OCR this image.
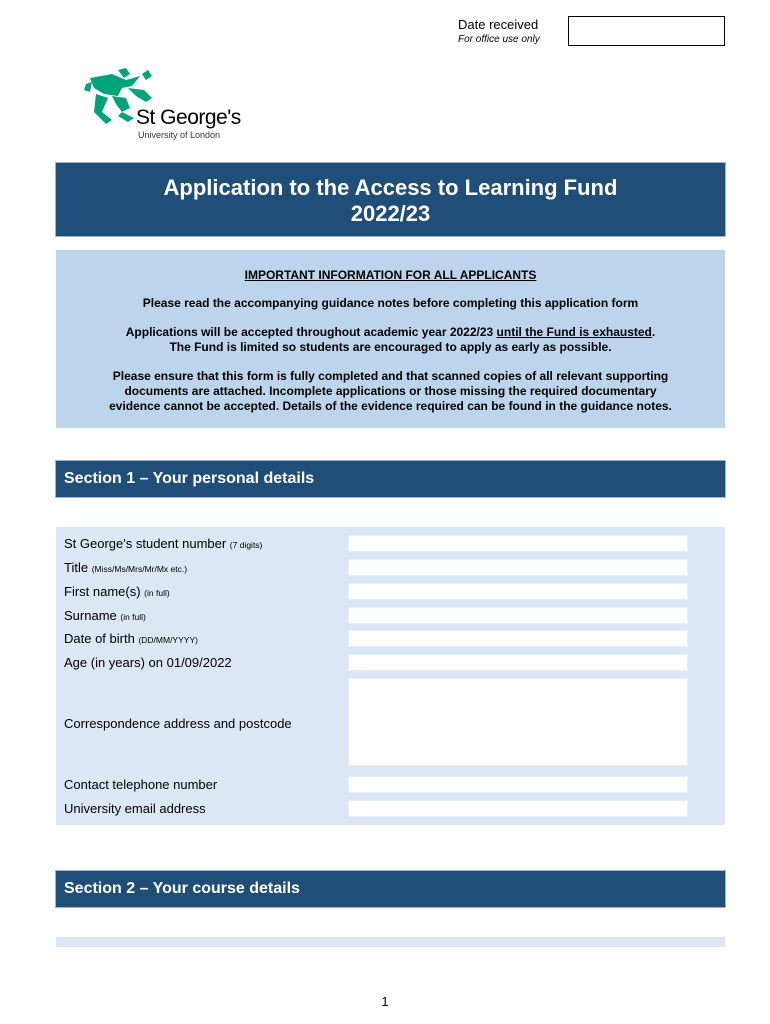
Date received
For office use only
St George's
University of London
Application to the Access to Learning Fund
2022/23
IMPORTANT INFORMATION FOR ALL APPLICANTS

Please read the accompanying guidance notes before completing this application form

Applications will be accepted throughout academic year 2022/23 until the Fund is exhausted.

The Fund is limited so students are encouraged to apply as early as possible.

Please ensure that this form is fully completed and that scanned copies of all relevant supporting

documents are attached. Incomplete applications or those missing the required documentary

evidence cannot be accepted. Details of the evidence required can be found in the guidance notes.

Section 1 – Your personal details
St George's student number (7 digits)
Title (Miss/Ms/Mrs/Mr/Mx etc.)
First name(s) (in full)
Surname (in full)
Date of birth (DD/MM/YYYY)
Age (in years) on 01/09/2022
Correspondence address and postcode
Contact telephone number
University email address
Section 2 – Your course details
1
